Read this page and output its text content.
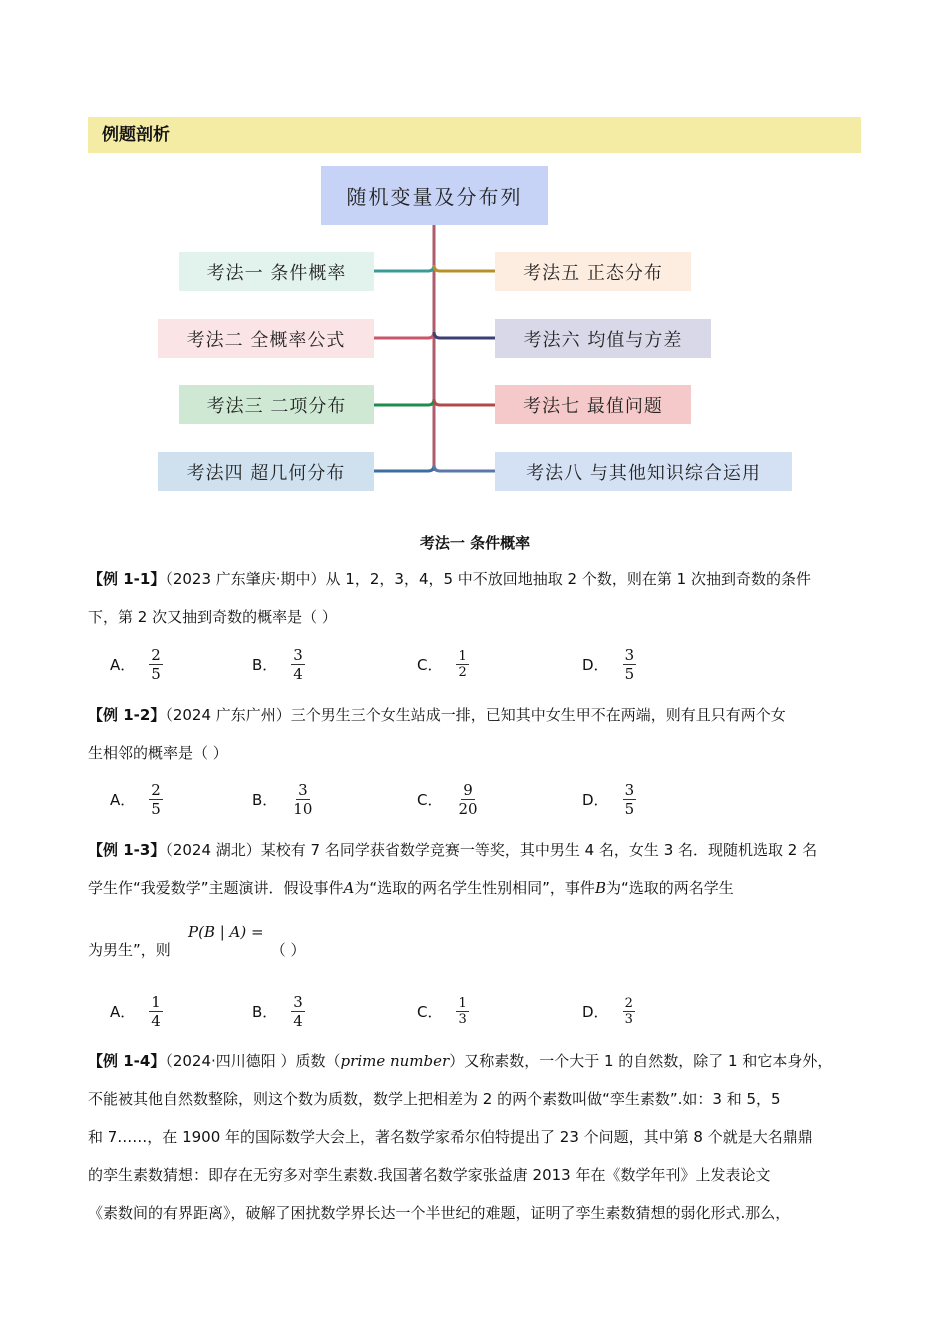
例题剖析
随机变量及分布列
考法一 条件概率
考法二 全概率公式
考法三 二项分布
考法四 超几何分布
考法五 正态分布
考法六 均值与方差
考法七 最值问题
考法八 与其他知识综合运用
考法一 条件概率
【例 1-1】（2023 广东肇庆·期中）从 1，2，3，4，5 中不放回地抽取 2 个数，则在第 1 次抽到奇数的条件
下，第 2 次又抽到奇数的概率是（ ）
A． $\frac{2}{5}$	B． $\frac{3}{4}$	C． $\frac{1}{2}$	D． $\frac{3}{5}$
【例 1-2】（2024 广东广州）三个男生三个女生站成一排，已知其中女生甲不在两端，则有且只有两个女
生相邻的概率是（ ）
A． $\frac{2}{5}$	B． $\frac{3}{10}$	C． $\frac{9}{20}$	D． $\frac{3}{5}$
【例 1-3】（2024 湖北）某校有 7 名同学获省数学竞赛一等奖，其中男生 4 名，女生 3 名．现随机选取 2 名
学生作“我爱数学”主题演讲．假设事件A为“选取的两名学生性别相同”，事件B为“选取的两名学生
为男生”，则	（ ）
P(B | A) =
A． $\frac{1}{4}$	B． $\frac{3}{4}$	C． $\frac{1}{3}$	D． $\frac{2}{3}$
【例 1-4】（2024·四川德阳 ）质数（prime number）又称素数，一个大于 1 的自然数，除了 1 和它本身外，
不能被其他自然数整除，则这个数为质数，数学上把相差为 2 的两个素数叫做“孪生素数”.如：3 和 5，5
和 7……，在 1900 年的国际数学大会上，著名数学家希尔伯特提出了 23 个问题，其中第 8 个就是大名鼎鼎
的孪生素数猜想：即存在无穷多对孪生素数.我国著名数学家张益唐 2013 年在《数学年刊》上发表论文
《素数间的有界距离》，破解了困扰数学界长达一个半世纪的难题，证明了孪生素数猜想的弱化形式.那么，
